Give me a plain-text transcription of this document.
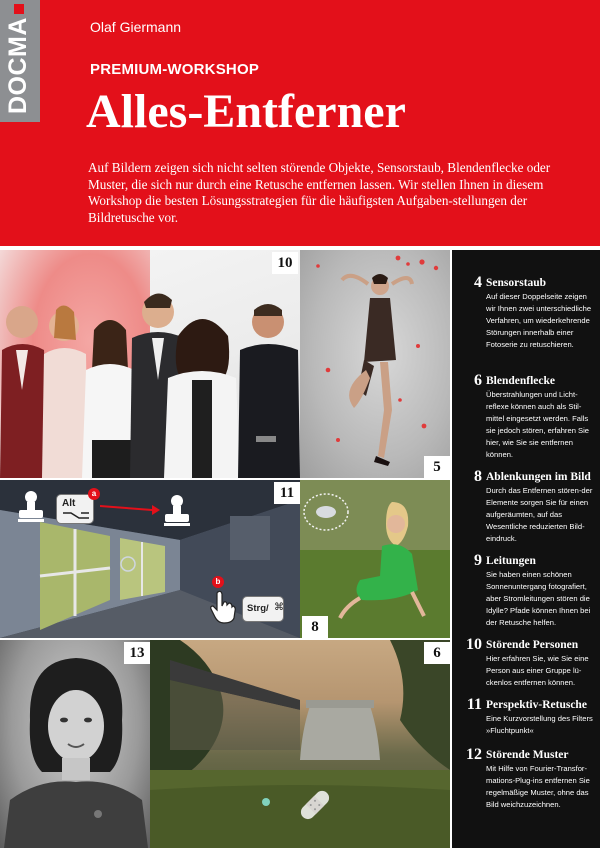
DOCMA	Olaf Giermann
PREMIUM-WORKSHOP
Alles-Entferner
Auf Bildern zeigen sich nicht selten störende Objekte, Sensorstaub, Blendenflecke oder Muster, die sich nur durch eine Retusche entfernen lassen. Wir stellen Ihnen in diesem Workshop die besten Lösungsstrategien für die häufigsten Aufgaben-stellungen der Bildretusche vor.
10
5
Alt
a
b
Strg/ ⌘
11
8
13	6
4 Sensorstaub
Auf dieser Doppelseite zeigen wir Ihnen zwei unterschiedliche Verfahren, um wiederkehrende Störungen innerhalb einer Fotoserie zu retuschieren.
6 Blendenflecke
Überstrahlungen und Licht-reflexe können auch als Stil-mittel eingesetzt werden. Falls sie jedoch stören, erfahren Sie hier, wie Sie sie entfernen können.
8 Ablenkungen im Bild
Durch das Entfernen stören-der Elemente sorgen Sie für einen aufgeräumten, auf das Wesentliche reduzierten Bild-eindruck.
9 Leitungen
Sie haben einen schönen Sonnenuntergang fotografiert, aber Stromleitungen stören die Idylle? Pfade können Ihnen bei der Retusche helfen.
10 Störende Personen
Hier erfahren Sie, wie Sie eine Person aus einer Gruppe lü-ckenlos entfernen können.
11 Perspektiv-Retusche
Eine Kurzvorstellung des Filters »Fluchtpunkt«
12 Störende Muster
Mit Hilfe von Fourier-Transfor-mations-Plug-ins entfernen Sie regelmäßige Muster, ohne das Bild weichzuzeichnen.
